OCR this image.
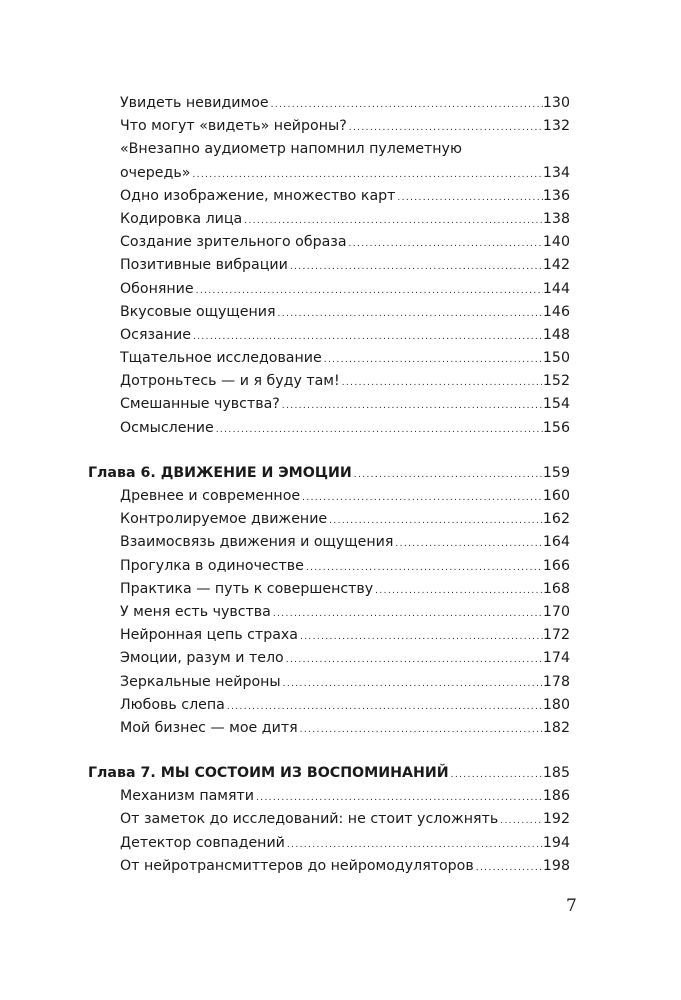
Увидеть невидимое . . .	130
Что могут «видеть» нейроны? . . .	132
«Внезапно аудиометр напомнил пулеметную
очередь» . . .	134
Одно изображение, множество карт . . .	136
Кодировка лица . . .	138
Создание зрительного образа . . .	140
Позитивные вибрации . . .	142
Обоняние . . .	144
Вкусовые ощущения . . .	146
Осязание . . .	148
Тщательное исследование . . .	150
Дотроньтесь — и я буду там! . . .	152
Смешанные чувства? . . .	154
Осмысление . . .	156
Глава 6. ДВИЖЕНИЕ И ЭМОЦИИ . . .	159
Древнее и современное . . .	160
Контролируемое движение . . .	162
Взаимосвязь движения и ощущения . . .	164
Прогулка в одиночестве . . .	166
Практика — путь к совершенству . . .	168
У меня есть чувства . . .	170
Нейронная цепь страха . . .	172
Эмоции, разум и тело . . .	174
Зеркальные нейроны . . .	178
Любовь слепа . . .	180
Мой бизнес — мое дитя . . .	182
Глава 7. МЫ СОСТОИМ ИЗ ВОСПОМИНАНИЙ . . .	185
Механизм памяти . . .	186
От заметок до исследований: не стоит усложнять . . .	192
Детектор совпадений . . .	194
От нейротрансмиттеров до нейромодуляторов . . .	198
7
